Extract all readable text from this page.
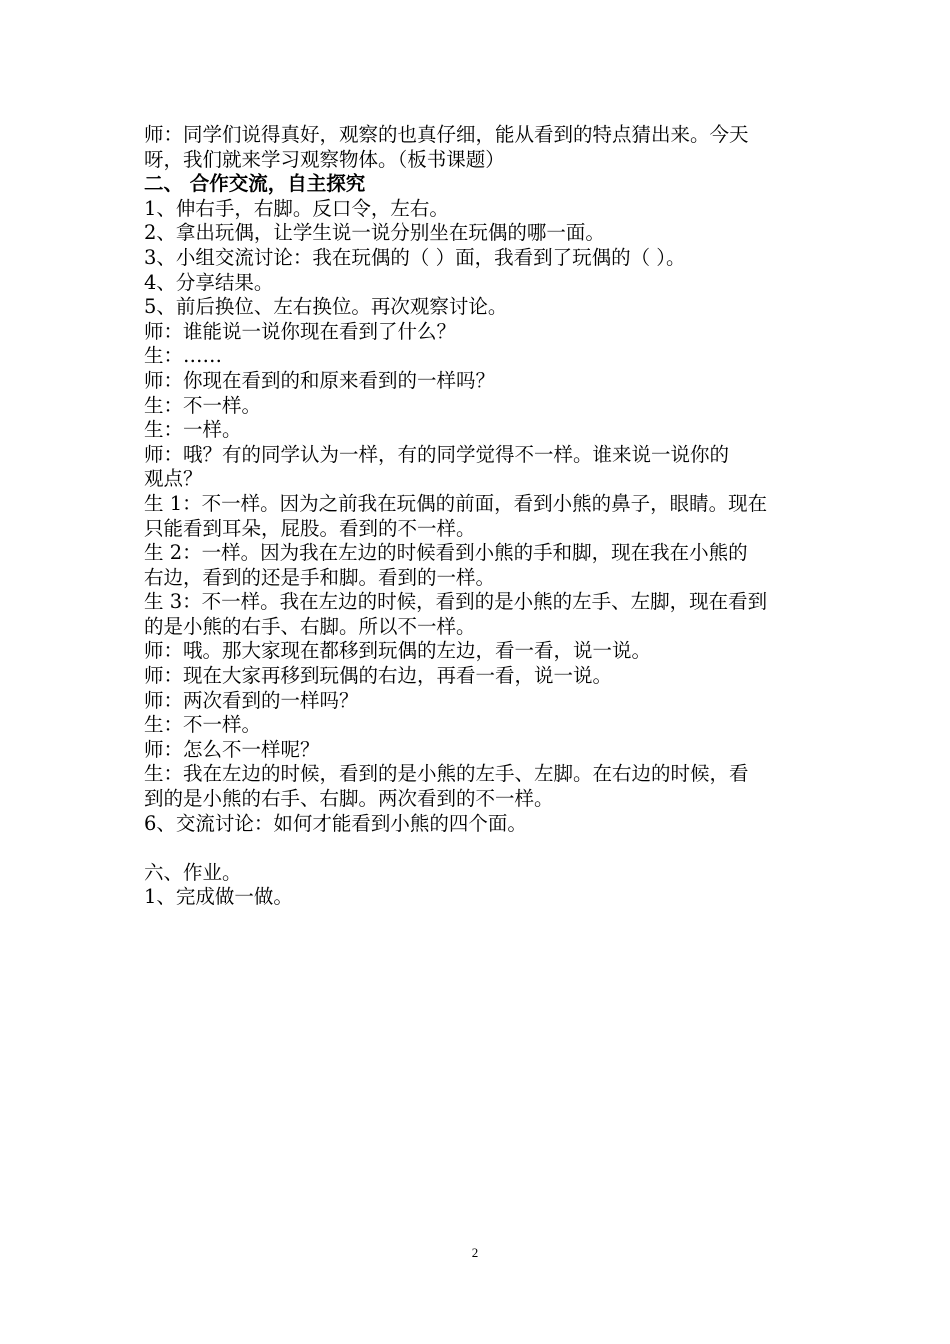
师：同学们说得真好，观察的也真仔细，能从看到的特点猜出来。今天
呀，我们就来学习观察物体。（板书课题）
二、 合作交流，自主探究
1、伸右手，右脚。反口令，左右。
2、拿出玩偶，让学生说一说分别坐在玩偶的哪一面。
3、小组交流讨论：我在玩偶的（ ）面，我看到了玩偶的（ ）。
4、分享结果。
5、前后换位、左右换位。再次观察讨论。
师：谁能说一说你现在看到了什么？
生：……
师：你现在看到的和原来看到的一样吗？
生：不一样。
生：一样。
师：哦？有的同学认为一样，有的同学觉得不一样。谁来说一说你的
观点？
生 1：不一样。因为之前我在玩偶的前面，看到小熊的鼻子，眼睛。现在
只能看到耳朵，屁股。看到的不一样。
生 2：一样。因为我在左边的时候看到小熊的手和脚，现在我在小熊的
右边，看到的还是手和脚。看到的一样。
生 3：不一样。我在左边的时候，看到的是小熊的左手、左脚，现在看到
的是小熊的右手、右脚。所以不一样。
师：哦。那大家现在都移到玩偶的左边，看一看，说一说。
师：现在大家再移到玩偶的右边，再看一看，说一说。
师：两次看到的一样吗？
生：不一样。
师：怎么不一样呢？
生：我在左边的时候，看到的是小熊的左手、左脚。在右边的时候，看
到的是小熊的右手、右脚。两次看到的不一样。
6、交流讨论：如何才能看到小熊的四个面。
六、作业。
1、完成做一做。
2
